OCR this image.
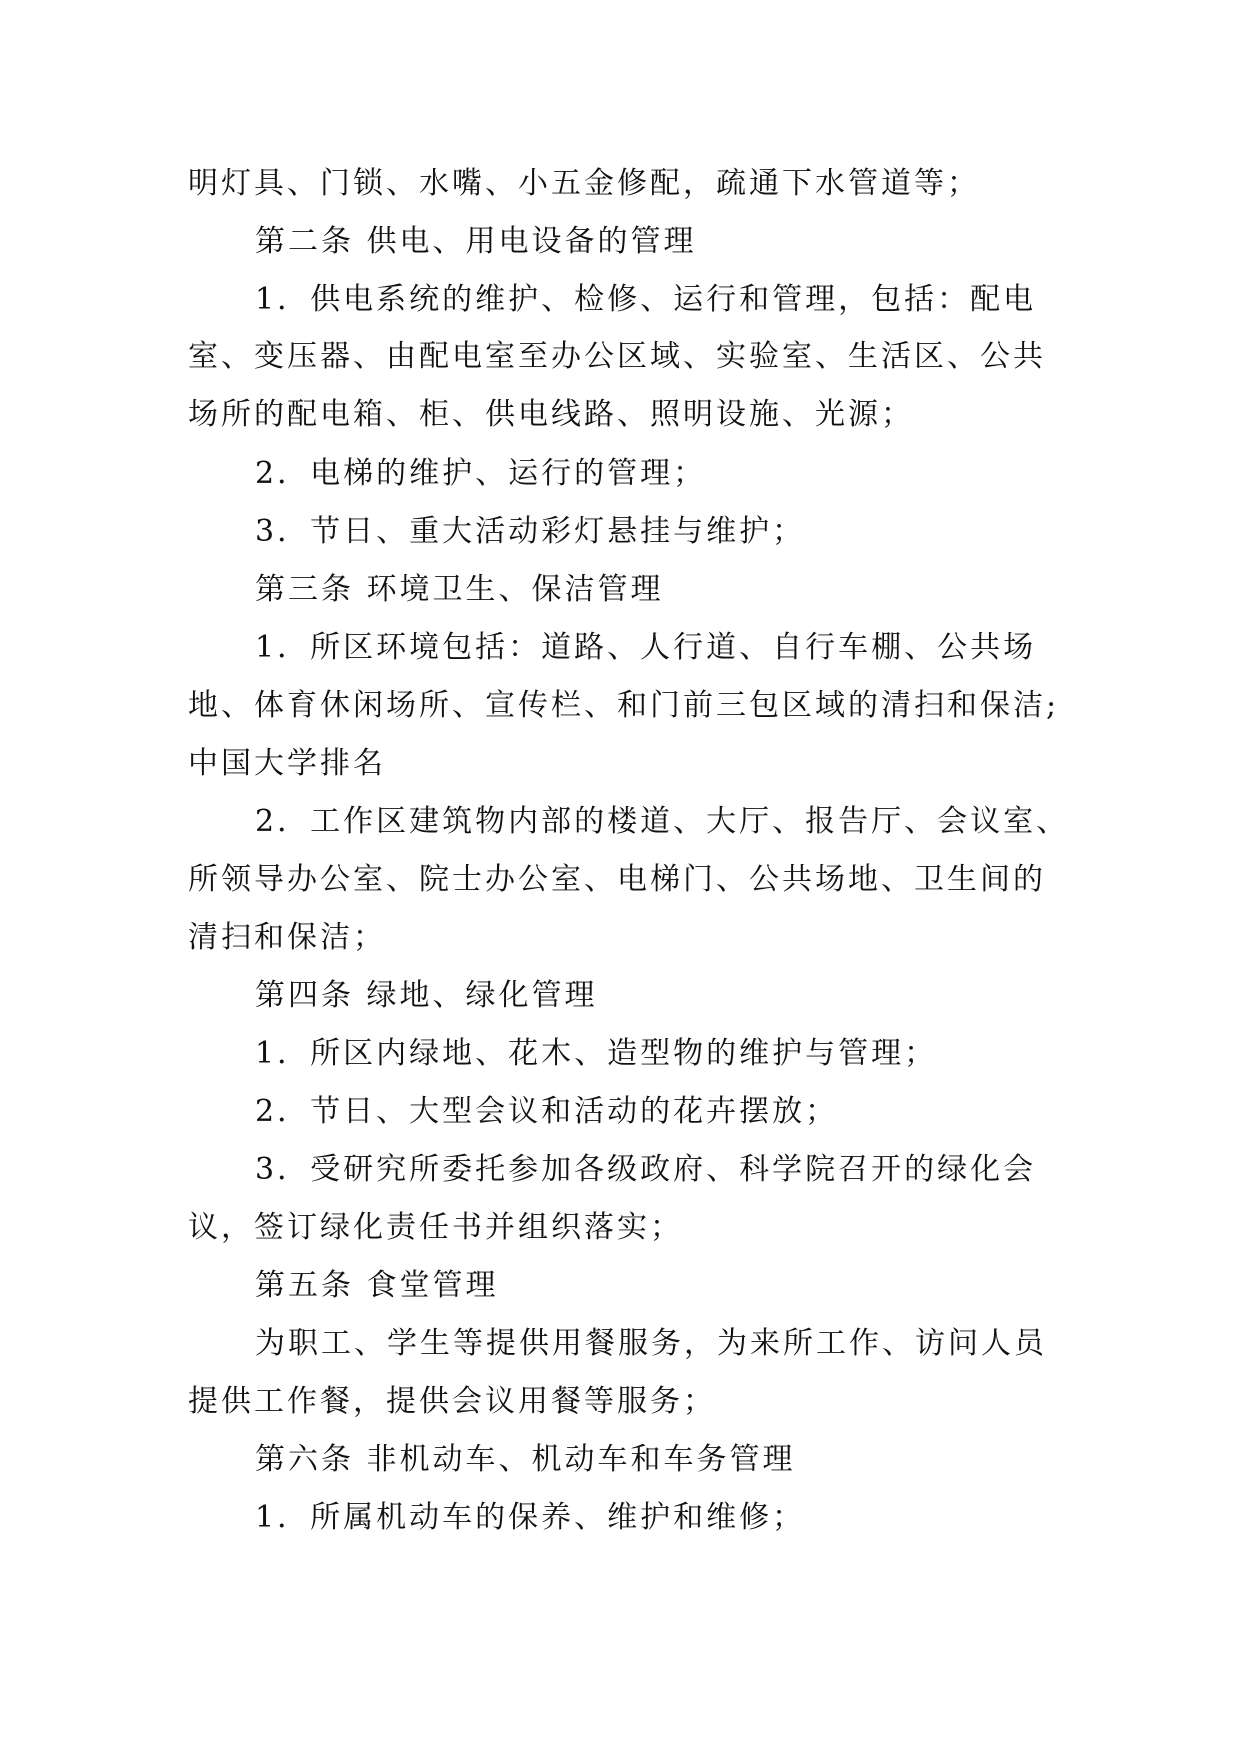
明灯具、门锁、水嘴、小五金修配，疏通下水管道等；

第二条 供电、用电设备的管理

1．供电系统的维护、检修、运行和管理，包括：配电

室、变压器、由配电室至办公区域、实验室、生活区、公共

场所的配电箱、柜、供电线路、照明设施、光源；

2．电梯的维护、运行的管理；

3．节日、重大活动彩灯悬挂与维护；

第三条 环境卫生、保洁管理

1．所区环境包括：道路、人行道、自行车棚、公共场

地、体育休闲场所、宣传栏、和门前三包区域的清扫和保洁;

中国大学排名

2．工作区建筑物内部的楼道、大厅、报告厅、会议室、

所领导办公室、院士办公室、电梯门、公共场地、卫生间的

清扫和保洁；

第四条 绿地、绿化管理

1．所区内绿地、花木、造型物的维护与管理；

2．节日、大型会议和活动的花卉摆放；

3．受研究所委托参加各级政府、科学院召开的绿化会

议，签订绿化责任书并组织落实；

第五条 食堂管理

为职工、学生等提供用餐服务，为来所工作、访问人员

提供工作餐，提供会议用餐等服务；

第六条 非机动车、机动车和车务管理

1．所属机动车的保养、维护和维修；
